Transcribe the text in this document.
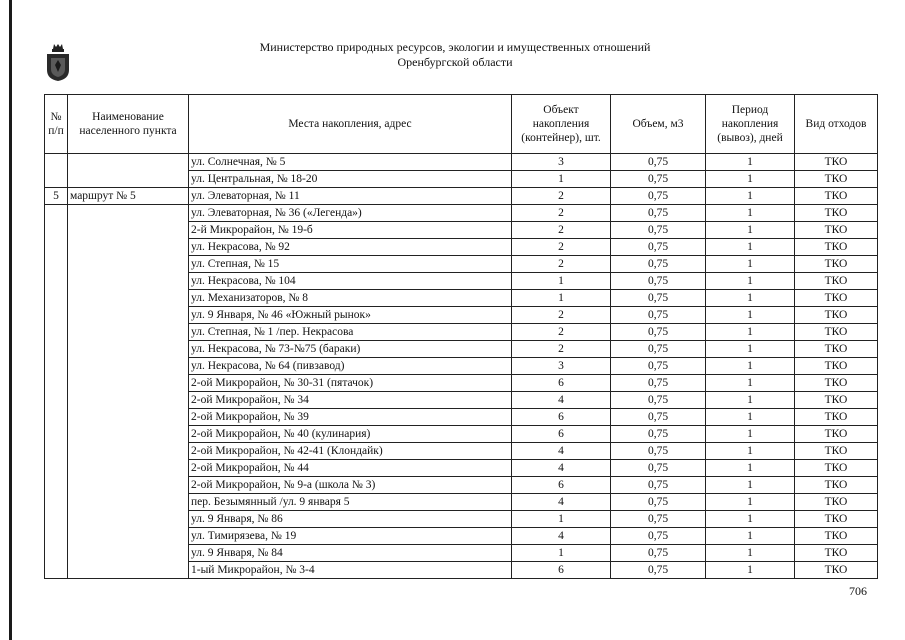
Министерство природных ресурсов, экологии и имущественных отношений
Оренбургской области
№ п/п	Наименование населенного пункта	Места накопления, адрес	Объект накопления (контейнер), шт.	Объем, м3	Период накопления (вывоз), дней	Вид отходов
		ул. Солнечная, № 5	3	0,75	1	ТКО
		ул. Центральная, № 18-20	1	0,75	1	ТКО
5	маршрут № 5	ул. Элеваторная, № 11	2	0,75	1	ТКО
		ул. Элеваторная, № 36 («Легенда»)	2	0,75	1	ТКО
		2-й Микрорайон, № 19-б	2	0,75	1	ТКО
		ул. Некрасова, № 92	2	0,75	1	ТКО
		ул. Степная, № 15	2	0,75	1	ТКО
		ул. Некрасова, № 104	1	0,75	1	ТКО
		ул. Механизаторов, № 8	1	0,75	1	ТКО
		ул. 9 Января, № 46 «Южный рынок»	2	0,75	1	ТКО
		ул. Степная, № 1 /пер. Некрасова	2	0,75	1	ТКО
		ул. Некрасова, № 73-№75 (бараки)	2	0,75	1	ТКО
		ул. Некрасова, № 64 (пивзавод)	3	0,75	1	ТКО
		2-ой Микрорайон, № 30-31 (пятачок)	6	0,75	1	ТКО
		2-ой Микрорайон, № 34	4	0,75	1	ТКО
		2-ой Микрорайон, № 39	6	0,75	1	ТКО
		2-ой Микрорайон, № 40 (кулинария)	6	0,75	1	ТКО
		2-ой Микрорайон, № 42-41 (Клондайк)	4	0,75	1	ТКО
		2-ой Микрорайон, № 44	4	0,75	1	ТКО
		2-ой Микрорайон, № 9-а (школа № 3)	6	0,75	1	ТКО
		пер. Безымянный /ул. 9 января 5	4	0,75	1	ТКО
		ул. 9 Января, № 86	1	0,75	1	ТКО
		ул. Тимирязева, № 19	4	0,75	1	ТКО
		ул. 9 Января, № 84	1	0,75	1	ТКО
		1-ый Микрорайон, № 3-4	6	0,75	1	ТКО
706
